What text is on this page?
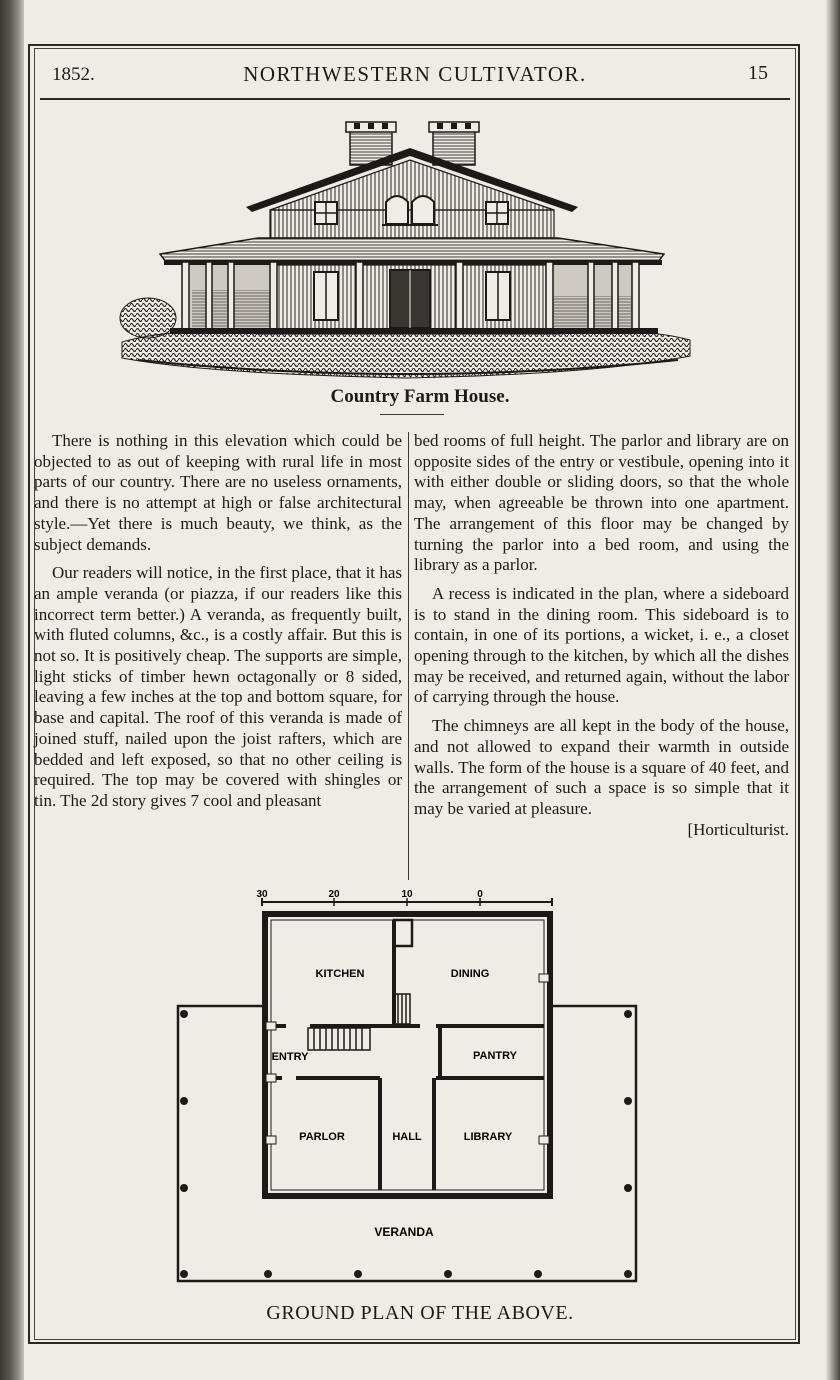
1852.	NORTHWESTERN CULTIVATOR.	15
Country Farm House.

There is nothing in this elevation which could be objected to as out of keeping with rural life in most parts of our country. There are no useless ornaments, and there is no attempt at high or false architectural style.—Yet there is much beauty, we think, as the subject demands.

Our readers will notice, in the first place, that it has an ample veranda (or piazza, if our readers like this incorrect term better.) A veranda, as frequently built, with fluted columns, &c., is a costly affair. But this is not so. It is positively cheap. The supports are simple, light sticks of timber hewn octagonally or 8 sided, leaving a few inches at the top and bottom square, for base and capital. The roof of this veranda is made of joined stuff, nailed upon the joist rafters, which are bedded and left exposed, so that no other ceiling is required. The top may be covered with shingles or tin. The 2d story gives 7 cool and pleasant

bed rooms of full height. The parlor and library are on opposite sides of the entry or vestibule, opening into it with either double or sliding doors, so that the whole may, when agreeable be thrown into one apartment. The arrangement of this floor may be changed by turning the parlor into a bed room, and using the library as a parlor.

A recess is indicated in the plan, where a sideboard is to stand in the dining room. This sideboard is to contain, in one of its portions, a wicket, i. e., a closet opening through to the kitchen, by which all the dishes may be received, and returned again, without the labor of carrying through the house.

The chimneys are all kept in the body of the house, and not allowed to expand their warmth in outside walls. The form of the house is a square of 40 feet, and the arrangement of such a space is so simple that it may be varied at pleasure.

[Horticulturist.
30	20	10	0
KITCHEN	DINING
ENTRY	PANTRY
PARLOR	HALL	LIBRARY
VERANDA
GROUND PLAN OF THE ABOVE.
